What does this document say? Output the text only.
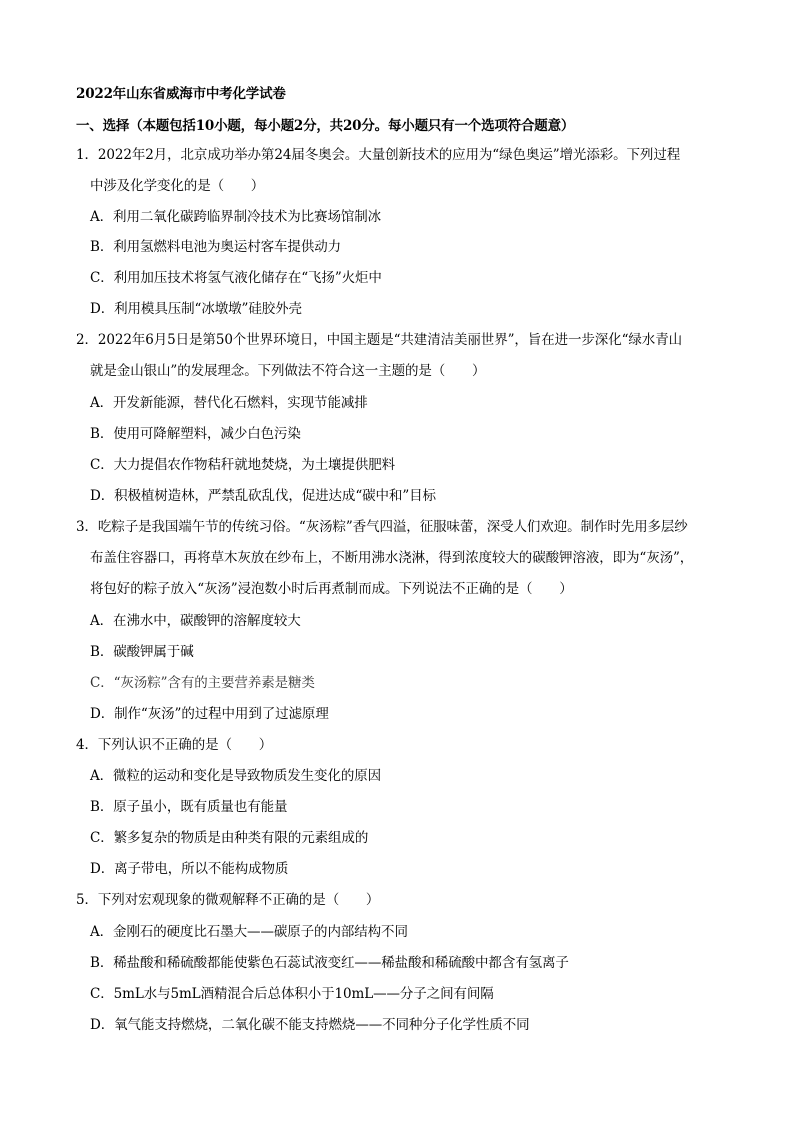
2022年山东省威海市中考化学试卷
一、选择（本题包括10小题，每小题2分，共20分。每小题只有一个选项符合题意）
1．2022年2月，北京成功举办第24届冬奥会。大量创新技术的应用为“绿色奥运”增光添彩。下列过程
中涉及化学变化的是（　　）
A．利用二氧化碳跨临界制冷技术为比赛场馆制冰
B．利用氢燃料电池为奥运村客车提供动力
C．利用加压技术将氢气液化储存在“飞扬”火炬中
D．利用模具压制“冰墩墩”硅胶外壳
2．2022年6月5日是第50个世界环境日，中国主题是“共建清洁美丽世界”，旨在进一步深化“绿水青山
就是金山银山”的发展理念。下列做法不符合这一主题的是（　　）
A．开发新能源，替代化石燃料，实现节能减排
B．使用可降解塑料，减少白色污染
C．大力提倡农作物秸秆就地焚烧，为土壤提供肥料
D．积极植树造林，严禁乱砍乱伐，促进达成“碳中和”目标
3．吃粽子是我国端午节的传统习俗。“灰汤粽”香气四溢，征服味蕾，深受人们欢迎。制作时先用多层纱
布盖住容器口，再将草木灰放在纱布上，不断用沸水浇淋，得到浓度较大的碳酸钾溶液，即为“灰汤”，
将包好的粽子放入“灰汤”浸泡数小时后再煮制而成。下列说法不正确的是（　　）
A．在沸水中，碳酸钾的溶解度较大
B．碳酸钾属于碱
C．“灰汤粽”含有的主要营养素是糖类
D．制作“灰汤”的过程中用到了过滤原理
4．下列认识不正确的是（　　）
A．微粒的运动和变化是导致物质发生变化的原因
B．原子虽小，既有质量也有能量
C．繁多复杂的物质是由种类有限的元素组成的
D．离子带电，所以不能构成物质
5．下列对宏观现象的微观解释不正确的是（　　）
A．金刚石的硬度比石墨大——碳原子的内部结构不同
B．稀盐酸和稀硫酸都能使紫色石蕊试液变红——稀盐酸和稀硫酸中都含有氢离子
C．5mL水与5mL酒精混合后总体积小于10mL——分子之间有间隔
D．氧气能支持燃烧，二氧化碳不能支持燃烧——不同种分子化学性质不同
